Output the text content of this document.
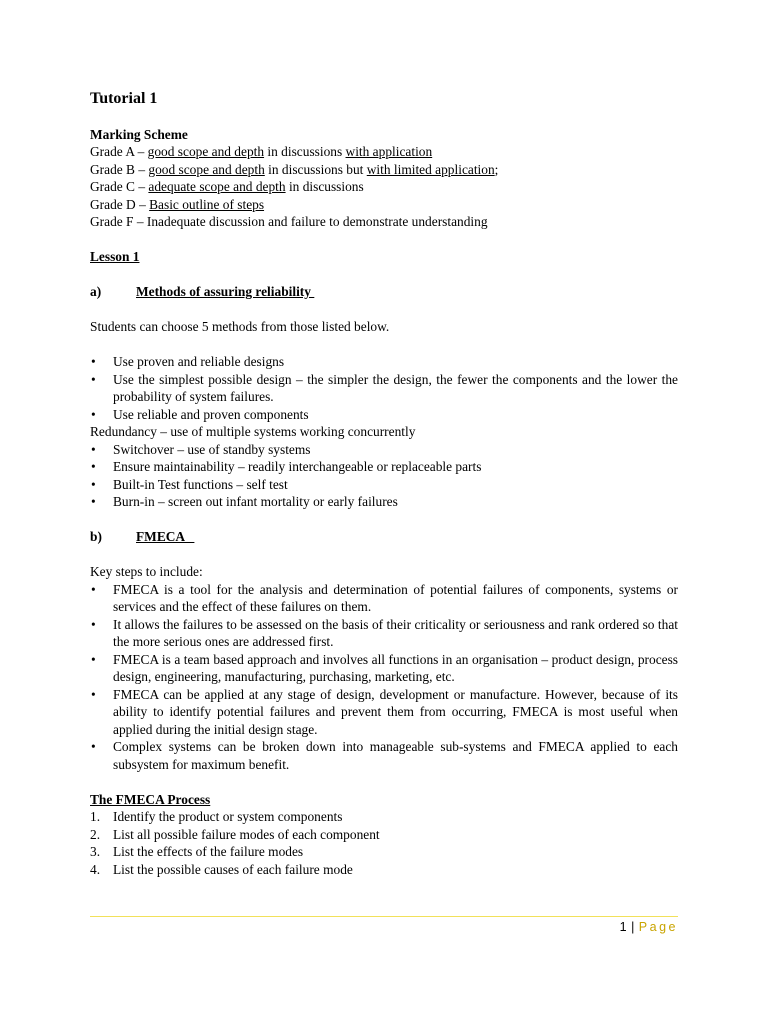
Tutorial 1
Marking Scheme
Grade A – good scope and depth in discussions with application
Grade B – good scope and depth in discussions but with limited application;
Grade C – adequate scope and depth in discussions
Grade D – Basic outline of steps
Grade F – Inadequate discussion and failure to demonstrate understanding
Lesson 1
a)	Methods of assuring reliability
Students can choose 5 methods from those listed below.
• Use proven and reliable designs
• Use the simplest possible design – the simpler the design, the fewer the components and the lower the probability of system failures.
• Use reliable and proven components
Redundancy – use of multiple systems working concurrently
• Switchover – use of standby systems
• Ensure maintainability – readily interchangeable or replaceable parts
• Built-in Test functions – self test
• Burn-in – screen out infant mortality or early failures
b)	FMECA
Key steps to include:
• FMECA is a tool for the analysis and determination of potential failures of components, systems or services and the effect of these failures on them.
• It allows the failures to be assessed on the basis of their criticality or seriousness and rank ordered so that the more serious ones are addressed first.
• FMECA is a team based approach and involves all functions in an organisation – product design, process design, engineering, manufacturing, purchasing, marketing, etc.
• FMECA can be applied at any stage of design, development or manufacture. However, because of its ability to identify potential failures and prevent them from occurring, FMECA is most useful when applied during the initial design stage.
• Complex systems can be broken down into manageable sub-systems and FMECA applied to each subsystem for maximum benefit.
The FMECA Process
1. Identify the product or system components
2. List all possible failure modes of each component
3. List the effects of the failure modes
4. List the possible causes of each failure mode
1 | Page
